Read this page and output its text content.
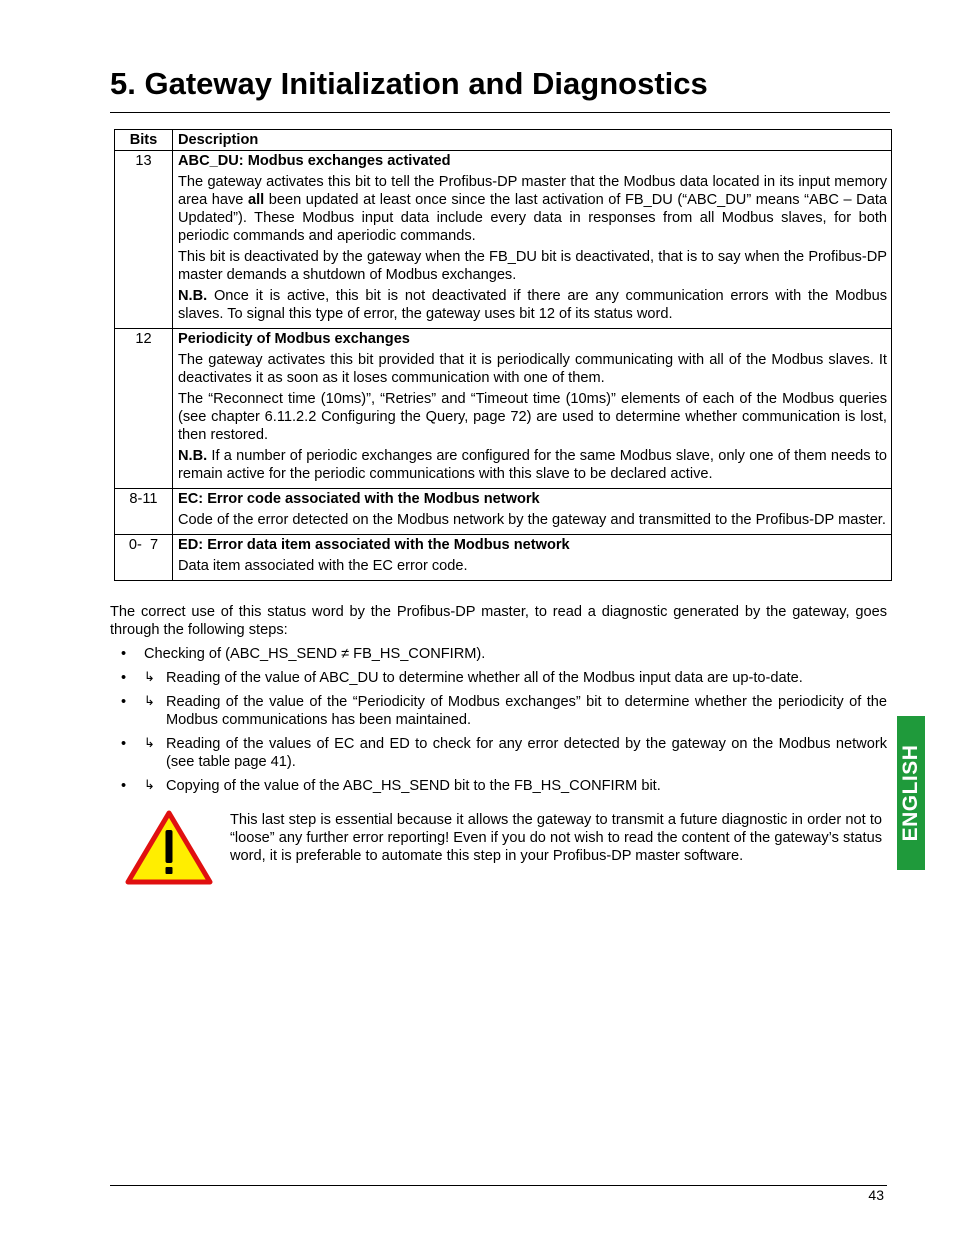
5. Gateway Initialization and Diagnostics
Bits	Description
13	ABC_DU: Modbus exchanges activated

The gateway activates this bit to tell the Profibus-DP master that the Modbus data located in its input memory area have all been updated at least once since the last activation of FB_DU (“ABC_DU” means “ABC – Data Updated”). These Modbus input data include every data in responses from all Modbus slaves, for both periodic commands and aperiodic commands.

This bit is deactivated by the gateway when the FB_DU bit is deactivated, that is to say when the Profibus-DP master demands a shutdown of Modbus exchanges.

N.B. Once it is active, this bit is not deactivated if there are any communication errors with the Modbus slaves. To signal this type of error, the gateway uses bit 12 of its status word.

12	Periodicity of Modbus exchanges

The gateway activates this bit provided that it is periodically communicating with all of the Modbus slaves. It deactivates it as soon as it loses communication with one of them.

The “Reconnect time (10ms)”, “Retries” and “Timeout time (10ms)” elements of each of the Modbus queries (see chapter 6.11.2.2 Configuring the Query, page 72) are used to determine whether communication is lost, then restored.

N.B. If a number of periodic exchanges are configured for the same Modbus slave, only one of them needs to remain active for the periodic communications with this slave to be declared active.

8-11	EC: Error code associated with the Modbus network

Code of the error detected on the Modbus network by the gateway and transmitted to the Profibus-DP master.

0-  7	ED: Error data item associated with the Modbus network

Data item associated with the EC error code.

The correct use of this status word by the Profibus-DP master, to read a diagnostic generated by the gateway, goes through the following steps:

• Checking of (ABC_HS_SEND ≠ FB_HS_CONFIRM).
• ↳ Reading of the value of ABC_DU to determine whether all of the Modbus input data are up-to-date.
• ↳ Reading of the value of the “Periodicity of Modbus exchanges” bit to determine whether the periodicity of the Modbus communications has been maintained.
• ↳ Reading of the values of EC and ED to check for any error detected by the gateway on the Modbus network (see table page 41).
• ↳ Copying of the value of the ABC_HS_SEND bit to the FB_HS_CONFIRM bit.

This last step is essential because it allows the gateway to transmit a future diagnostic in order not to “loose” any further error reporting! Even if you do not wish to read the content of the gateway’s status word, it is preferable to automate this step in your Profibus-DP master software.

ENGLISH
43
